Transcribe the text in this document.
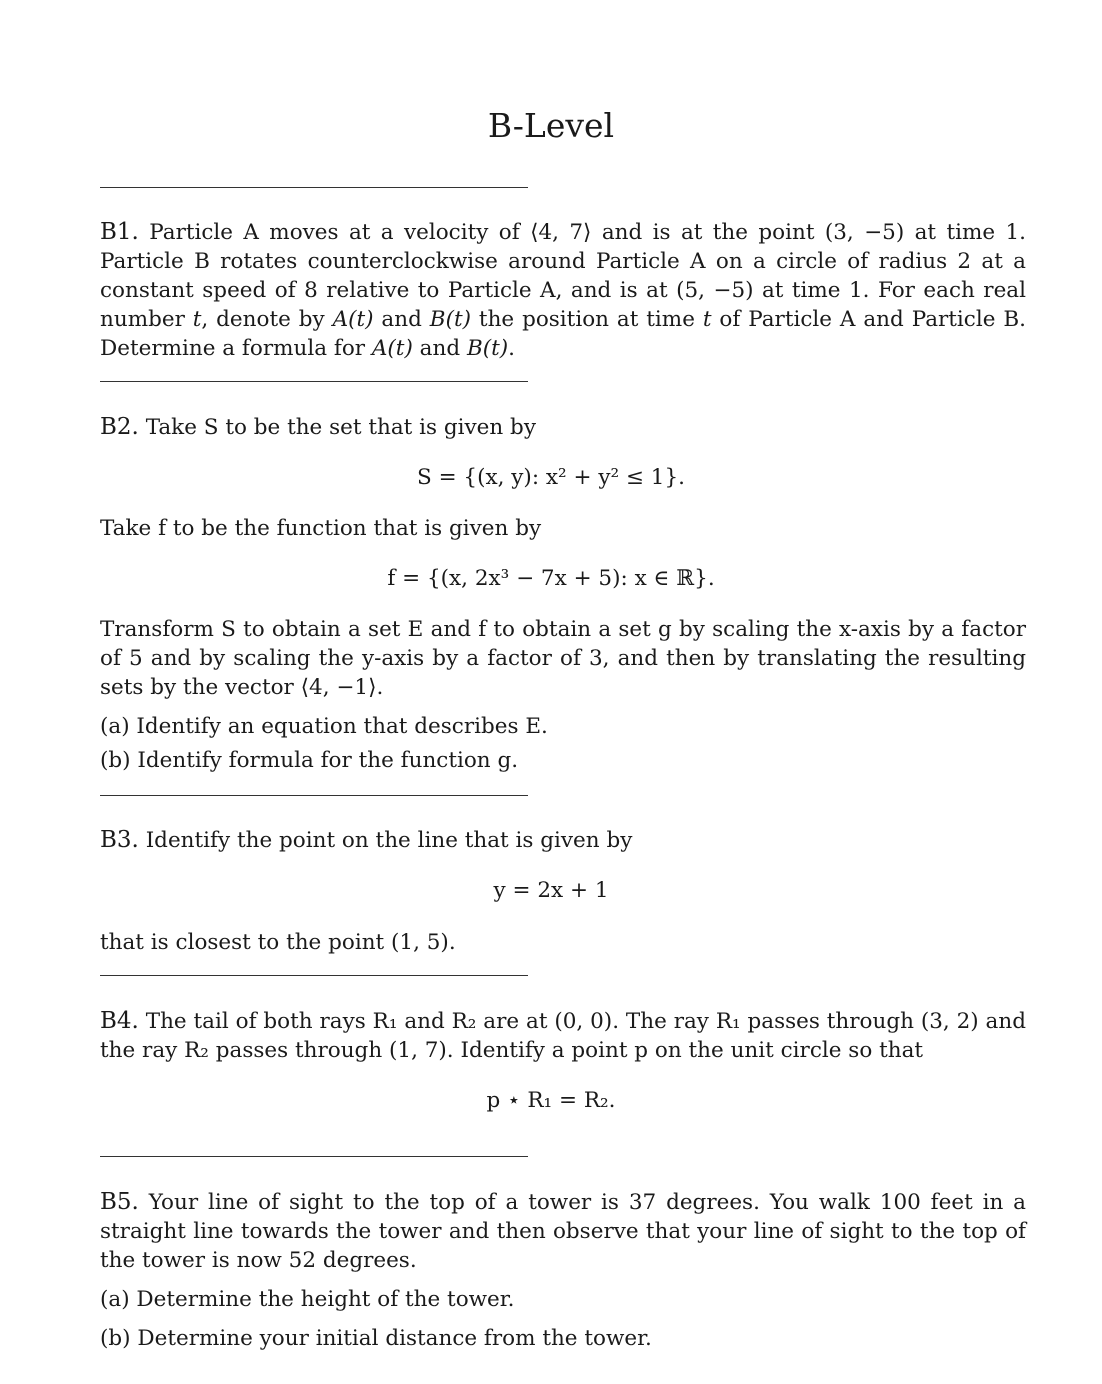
B-Level
B1. Particle A moves at a velocity of ⟨4, 7⟩ and is at the point (3, −5) at time 1. Particle B rotates counterclockwise around Particle A on a circle of radius 2 at a constant speed of 8 relative to Particle A, and is at (5, −5) at time 1. For each real number t, denote by A(t) and B(t) the position at time t of Particle A and Particle B. Determine a formula for A(t) and B(t).
B2. Take S to be the set that is given by
S = {(x, y): x² + y² ≤ 1}.
Take f to be the function that is given by
f = {(x, 2x³ − 7x + 5): x ∈ ℝ}.
Transform S to obtain a set E and f to obtain a set g by scaling the x-axis by a factor of 5 and by scaling the y-axis by a factor of 3, and then by translating the resulting sets by the vector ⟨4, −1⟩.
(a) Identify an equation that describes E.
(b) Identify formula for the function g.
B3. Identify the point on the line that is given by
y = 2x + 1
that is closest to the point (1, 5).
B4. The tail of both rays R₁ and R₂ are at (0, 0). The ray R₁ passes through (3, 2) and the ray R₂ passes through (1, 7). Identify a point p on the unit circle so that
p ⋆ R₁ = R₂.
B5. Your line of sight to the top of a tower is 37 degrees. You walk 100 feet in a straight line towards the tower and then observe that your line of sight to the top of the tower is now 52 degrees.
(a) Determine the height of the tower.
(b) Determine your initial distance from the tower.
